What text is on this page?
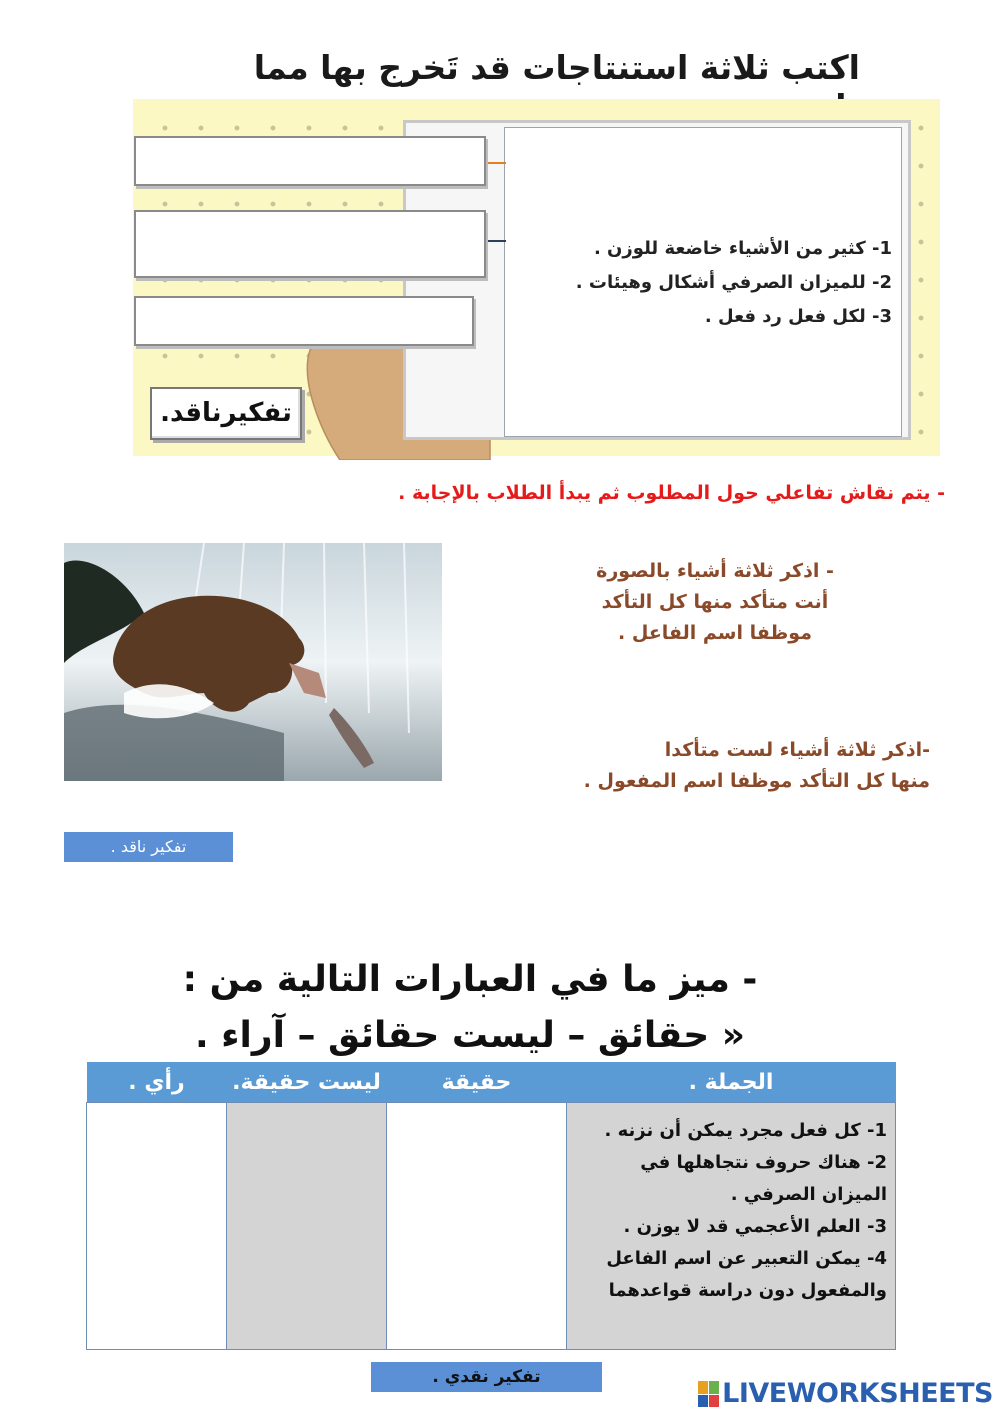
اكتب ثلاثة استنتاجات قد تَخرج بها مما
1- كثير من الأشياء خاضعة للوزن .
2- للميزان الصرفي أشكال وهيئات .
3- لكل فعل رد فعل .
تفكيرناقد.
- يتم نقاش تفاعلي حول المطلوب ثم يبدأ الطلاب بالإجابة .
- اذكر ثلاثة أشياء بالصورة
أنت متأكد منها كل التأكد
موظفا اسم الفاعل .
-اذكر ثلاثة أشياء لست متأكدا
منها كل التأكد موظفا اسم المفعول .
تفكير ناقد .
- ميز ما في العبارات التالية من :
« حقائق – ليست حقائق – آراء .
الجملة .	حقيقة	ليست حقيقة.	رأي .

1- كل فعل مجرد يمكن أن نزنه .
2- هناك حروف نتجاهلها في الميزان الصرفي .
3- العلم الأعجمي قد لا يوزن .
4- يمكن التعبير عن اسم الفاعل والمفعول دون دراسة قواعدهما			

تفكير نقدي .
LIVEWORKSHEETS
